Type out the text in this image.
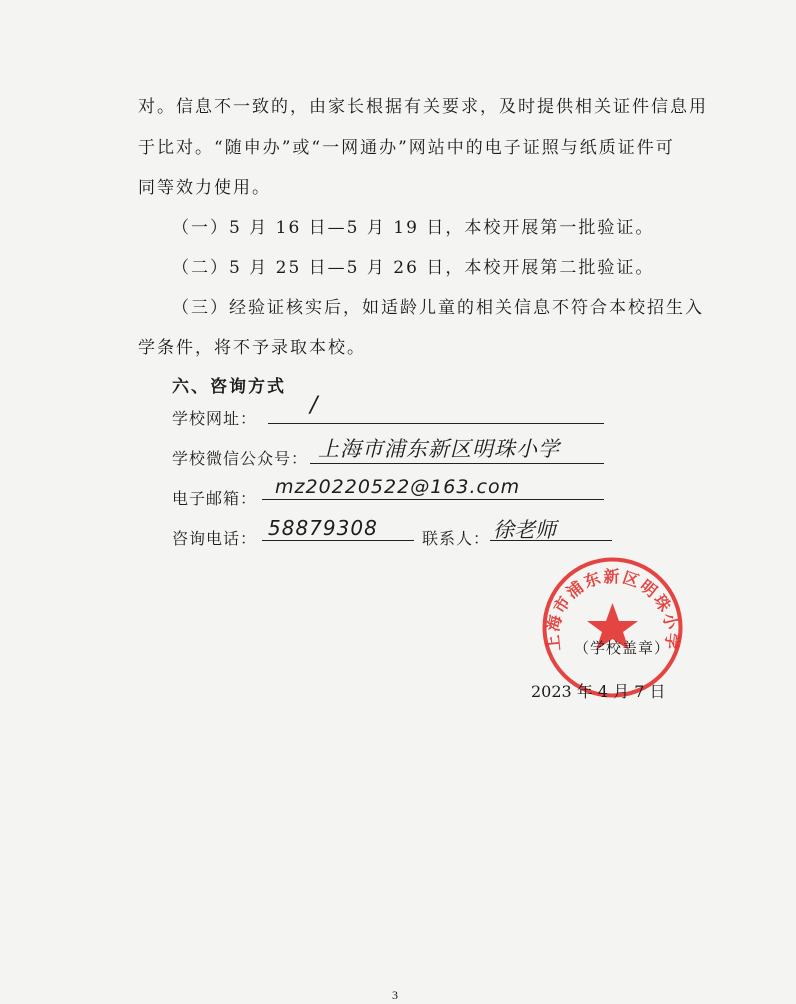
对。信息不一致的，由家长根据有关要求，及时提供相关证件信息用
于比对。“随申办”或“一网通办”网站中的电子证照与纸质证件可
同等效力使用。
（一）5 月 16 日—5 月 19 日，本校开展第一批验证。
（二）5 月 25 日—5 月 26 日，本校开展第二批验证。
（三）经验证核实后，如适龄儿童的相关信息不符合本校招生入
学条件，将不予录取本校。
六、咨询方式
学校网址：
/
学校微信公众号： 上海市浦东新区明珠小学
电子邮箱：
mz20220522@163.com
咨询电话： 58879308	联系人： 徐老师
上海市浦东新区明珠小学
（学校盖章）
2023 年 4 月 7 日
3
